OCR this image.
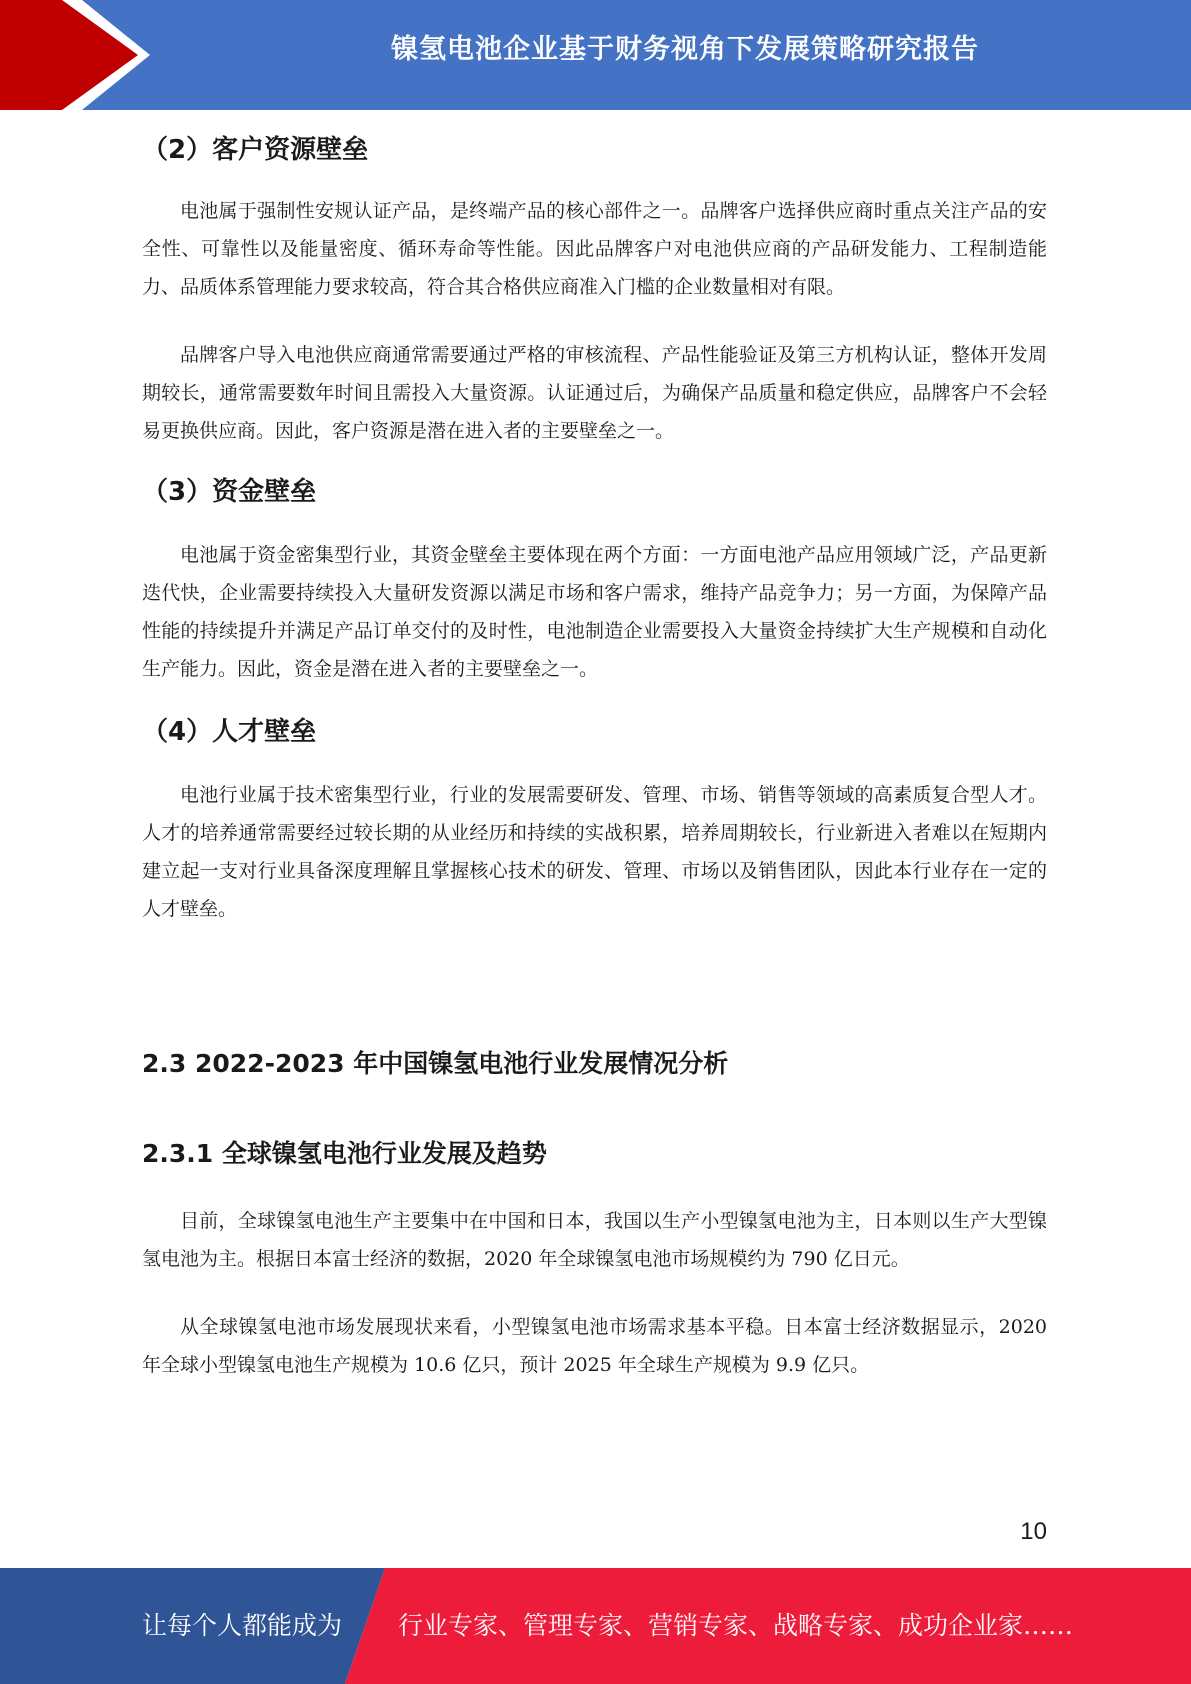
镍氢电池企业基于财务视角下发展策略研究报告
（2）客户资源壁垒

电池属于强制性安规认证产品，是终端产品的核心部件之一。品牌客户选择供应商时重点关注产品的安全性、可靠性以及能量密度、循环寿命等性能。因此品牌客户对电池供应商的产品研发能力、工程制造能力、品质体系管理能力要求较高，符合其合格供应商准入门槛的企业数量相对有限。

品牌客户导入电池供应商通常需要通过严格的审核流程、产品性能验证及第三方机构认证，整体开发周期较长，通常需要数年时间且需投入大量资源。认证通过后，为确保产品质量和稳定供应，品牌客户不会轻易更换供应商。因此，客户资源是潜在进入者的主要壁垒之一。

（3）资金壁垒

电池属于资金密集型行业，其资金壁垒主要体现在两个方面：一方面电池产品应用领域广泛，产品更新迭代快，企业需要持续投入大量研发资源以满足市场和客户需求，维持产品竞争力；另一方面，为保障产品性能的持续提升并满足产品订单交付的及时性，电池制造企业需要投入大量资金持续扩大生产规模和自动化生产能力。因此，资金是潜在进入者的主要壁垒之一。

（4）人才壁垒

电池行业属于技术密集型行业，行业的发展需要研发、管理、市场、销售等领域的高素质复合型人才。人才的培养通常需要经过较长期的从业经历和持续的实战积累，培养周期较长，行业新进入者难以在短期内建立起一支对行业具备深度理解且掌握核心技术的研发、管理、市场以及销售团队，因此本行业存在一定的人才壁垒。

2.3 2022-2023 年中国镍氢电池行业发展情况分析
2.3.1 全球镍氢电池行业发展及趋势

目前，全球镍氢电池生产主要集中在中国和日本，我国以生产小型镍氢电池为主，日本则以生产大型镍氢电池为主。根据日本富士经济的数据，2020 年全球镍氢电池市场规模约为 790 亿日元。

从全球镍氢电池市场发展现状来看，小型镍氢电池市场需求基本平稳。日本富士经济数据显示，2020 年全球小型镍氢电池生产规模为 10.6 亿只，预计 2025 年全球生产规模为 9.9 亿只。

10
让每个人都能成为 行业专家、管理专家、营销专家、战略专家、成功企业家……
